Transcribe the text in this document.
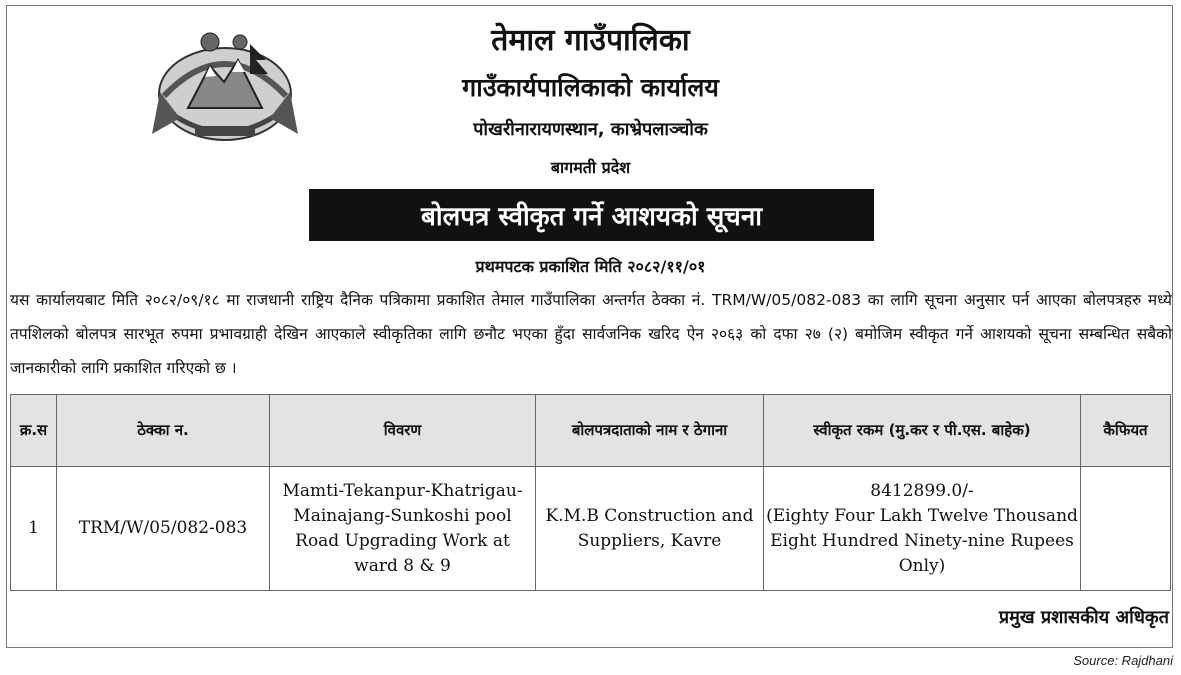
तेमाल गाउँपालिका
गाउँकार्यपालिकाको कार्यालय
पोखरीनारायणस्थान, काभ्रेपलाञ्चोक
बागमती प्रदेश
बोलपत्र स्वीकृत गर्ने आशयको सूचना
प्रथमपटक प्रकाशित मिति २०८२/११/०१
यस कार्यालयबाट मिति २०८२/०९/१८ मा राजधानी राष्ट्रिय दैनिक पत्रिकामा प्रकाशित तेमाल गाउँपालिका अन्तर्गत ठेक्का नं. TRM/W/05/082-083 का लागि सूचना अनुसार पर्न आएका बोलपत्रहरु मध्ये तपशिलको बोलपत्र सारभूत रुपमा प्रभावग्राही देखिन आएकाले स्वीकृतिका लागि छनौट भएका हुँदा सार्वजनिक खरिद ऐन २०६३ को दफा २७ (२) बमोजिम स्वीकृत गर्ने आशयको सूचना सम्बन्धित सबैको जानकारीको लागि प्रकाशित गरिएको छ ।
क्र.स	ठेक्का न.	विवरण	बोलपत्रदाताको नाम र ठेगाना	स्वीकृत रकम (मु.कर र पी.एस. बाहेक)	कैफियत
1	TRM/W/05/082-083	Mamti-Tekanpur-Khatrigau-Mainajang-Sunkoshi pool Road Upgrading Work at ward 8 & 9	K.M.B Construction and Suppliers, Kavre	8412899.0/-
(Eighty Four Lakh Twelve Thousand Eight Hundred Ninety-nine Rupees Only)	

प्रमुख प्रशासकीय अधिकृत
Source: Rajdhani
